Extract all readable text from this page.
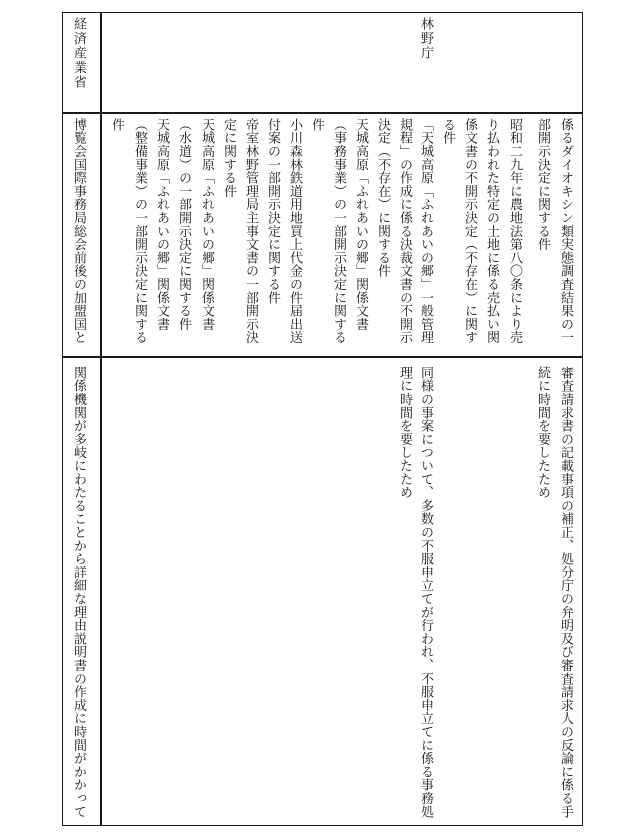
係るダイオキシン類実態調査結果の一
部開示決定に関する件
審査請求書の記載事項の補正、処分庁の弁明及び審査請求人の反論に係る手
続に時間を要したため
昭和二九年に農地法第八〇条により売
り払われた特定の土地に係る売払い関
係文書の不開示決定（不存在）に関す
る件
林野庁
「天城高原「ふれあいの郷」一般管理
規程」の作成に係る決裁文書の不開示
決定（不存在）に関する件
同様の事案について、多数の不服申立てが行われ、不服申立てに係る事務処
理に時間を要したため
天城高原「ふれあいの郷」関係文書
（事務事業）の一部開示決定に関する
件
小川森林鉄道用地買上代金の件届出送
付案の一部開示決定に関する件
帝室林野管理局主事文書の一部開示決
定に関する件
天城高原「ふれあいの郷」関係文書
（水道）の一部開示決定に関する件
天城高原「ふれあいの郷」関係文書
（整備事業）の一部開示決定に関する
件
経済産業省
博覧会国際事務局総会前後の加盟国と
関係機関が多岐にわたることから詳細な理由説明書の作成に時間がかかって
